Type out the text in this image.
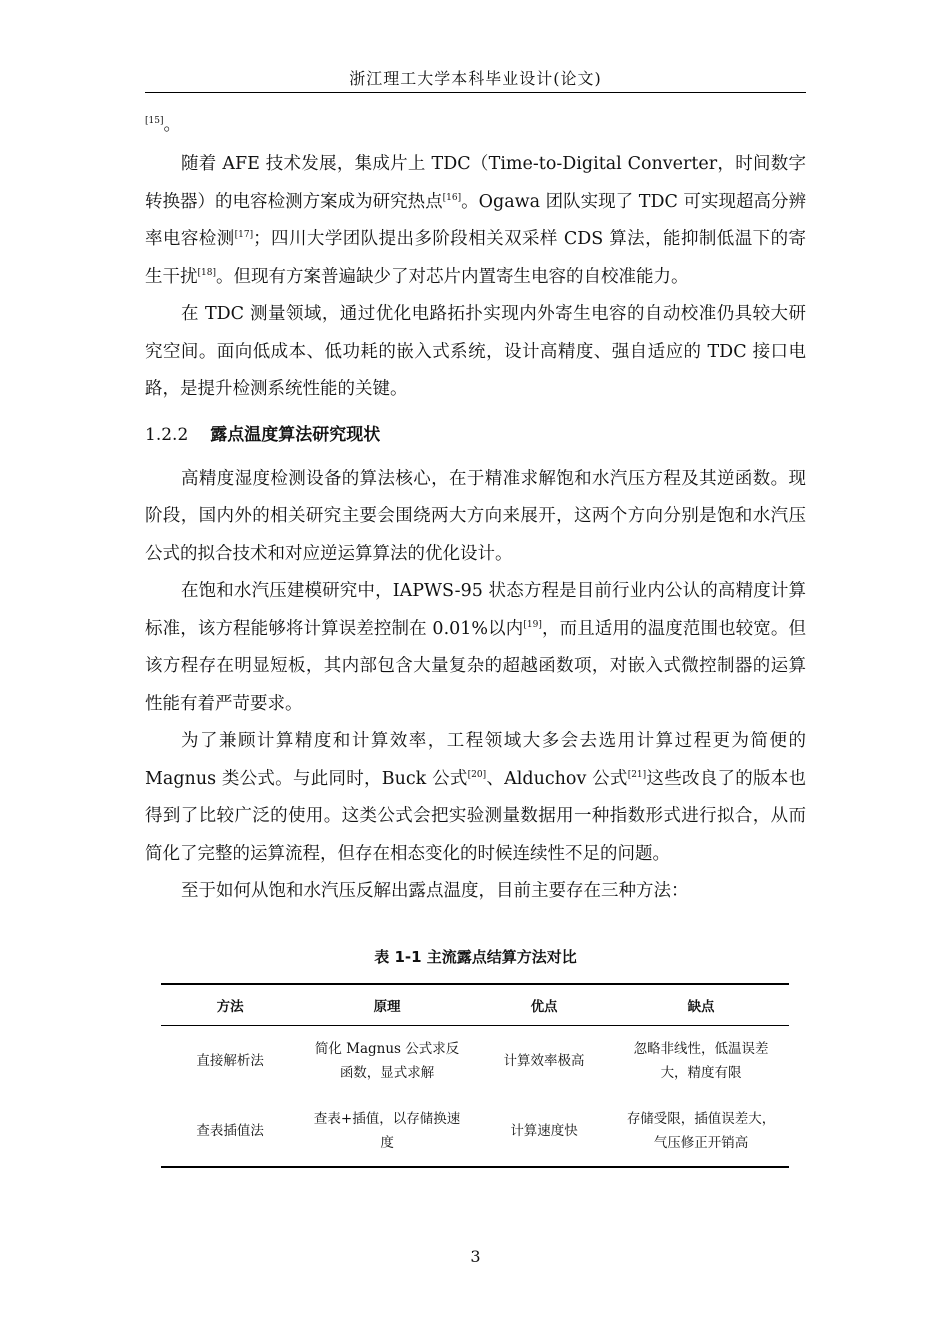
浙江理工大学本科毕业设计(论文)
[15]。

随着 AFE 技术发展，集成片上 TDC（Time-to-Digital Converter，时间数字转换器）的电容检测方案成为研究热点[16]。Ogawa 团队实现了 TDC 可实现超高分辨率电容检测[17]；四川大学团队提出多阶段相关双采样 CDS 算法，能抑制低温下的寄生干扰[18]。但现有方案普遍缺少了对芯片内置寄生电容的自校准能力。

在 TDC 测量领域，通过优化电路拓扑实现内外寄生电容的自动校准仍具较大研究空间。面向低成本、低功耗的嵌入式系统，设计高精度、强自适应的 TDC 接口电路，是提升检测系统性能的关键。

1.2.2 露点温度算法研究现状

高精度湿度检测设备的算法核心，在于精准求解饱和水汽压方程及其逆函数。现阶段，国内外的相关研究主要会围绕两大方向来展开，这两个方向分别是饱和水汽压公式的拟合技术和对应逆运算算法的优化设计。

在饱和水汽压建模研究中，IAPWS-95 状态方程是目前行业内公认的高精度计算标准，该方程能够将计算误差控制在 0.01%以内[19]，而且适用的温度范围也较宽。但该方程存在明显短板，其内部包含大量复杂的超越函数项，对嵌入式微控制器的运算性能有着严苛要求。

为了兼顾计算精度和计算效率，工程领域大多会去选用计算过程更为简便的 Magnus 类公式。与此同时，Buck 公式[20]、Alduchov 公式[21]这些改良了的版本也得到了比较广泛的使用。这类公式会把实验测量数据用一种指数形式进行拟合，从而简化了完整的运算流程，但存在相态变化的时候连续性不足的问题。

至于如何从饱和水汽压反解出露点温度，目前主要存在三种方法：

表 1-1 主流露点结算方法对比
方法	原理	优点	缺点
直接解析法	简化 Magnus 公式求反函数，显式求解	计算效率极高	忽略非线性，低温误差大，精度有限
查表插值法	查表+插值，以存储换速度	计算速度快	存储受限，插值误差大，气压修正开销高
3
